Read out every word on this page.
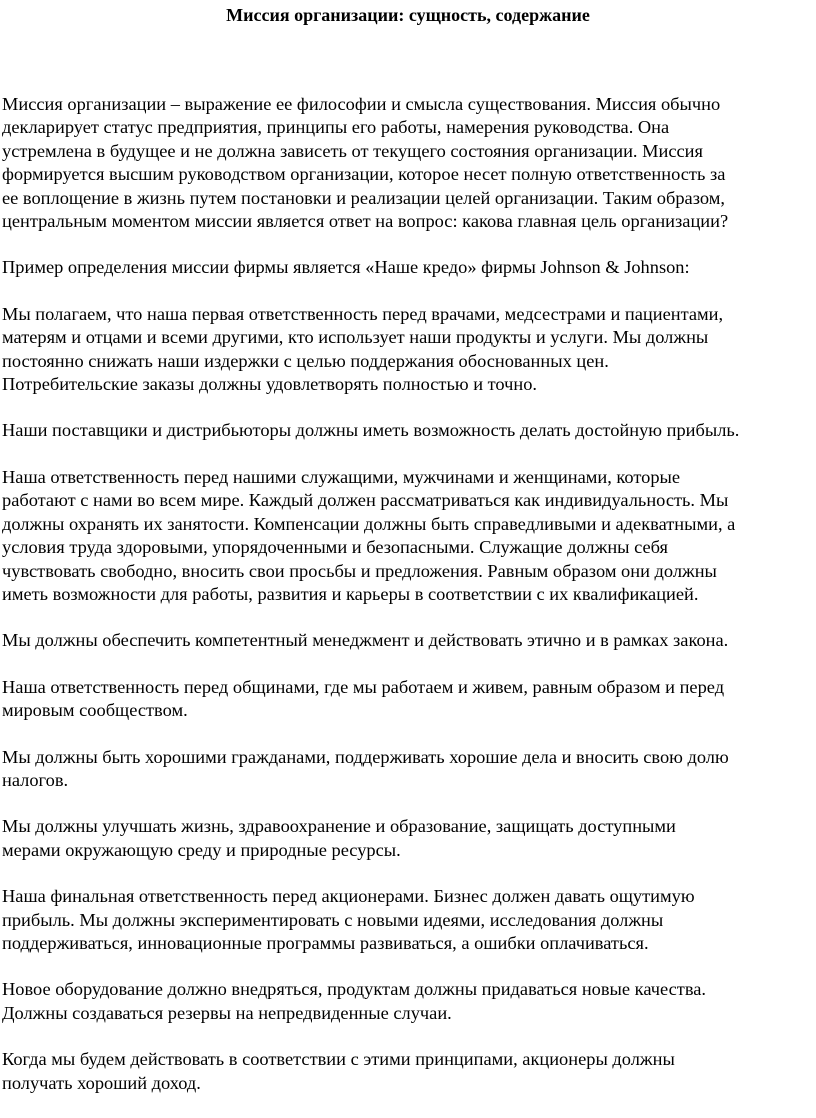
Миссия организации: сущность, содержание

Миссия организации – выражение ее философии и смысла существования. Миссия обычно
декларирует статус предприятия, принципы его работы, намерения руководства. Она
устремлена в будущее и не должна зависеть от текущего состояния организации. Миссия
формируется высшим руководством организации, которое несет полную ответственность за
ее воплощение в жизнь путем постановки и реализации целей организации. Таким образом,
центральным моментом миссии является ответ на вопрос: какова главная цель организации?

Пример определения миссии фирмы является «Наше кредо» фирмы Johnson & Johnson:

Мы полагаем, что наша первая ответственность перед врачами, медсестрами и пациентами,
матерям и отцами и всеми другими, кто использует наши продукты и услуги. Мы должны
постоянно снижать наши издержки с целью поддержания обоснованных цен.
Потребительские заказы должны удовлетворять полностью и точно.

Наши поставщики и дистрибьюторы должны иметь возможность делать достойную прибыль.

Наша ответственность перед нашими служащими, мужчинами и женщинами, которые
работают с нами во всем мире. Каждый должен рассматриваться как индивидуальность. Мы
должны охранять их занятости. Компенсации должны быть справедливыми и адекватными, а
условия труда здоровыми, упорядоченными и безопасными. Служащие должны себя
чувствовать свободно, вносить свои просьбы и предложения. Равным образом они должны
иметь возможности для работы, развития и карьеры в соответствии с их квалификацией.

Мы должны обеспечить компетентный менеджмент и действовать этично и в рамках закона.

Наша ответственность перед общинами, где мы работаем и живем, равным образом и перед
мировым сообществом.

Мы должны быть хорошими гражданами, поддерживать хорошие дела и вносить свою долю
налогов.

Мы должны улучшать жизнь, здравоохранение и образование, защищать доступными
мерами окружающую среду и природные ресурсы.

Наша финальная ответственность перед акционерами. Бизнес должен давать ощутимую
прибыль. Мы должны экспериментировать с новыми идеями, исследования должны
поддерживаться, инновационные программы развиваться, а ошибки оплачиваться.

Новое оборудование должно внедряться, продуктам должны придаваться новые качества.
Должны создаваться резервы на непредвиденные случаи.

Когда мы будем действовать в соответствии с этими принципами, акционеры должны
получать хороший доход.
